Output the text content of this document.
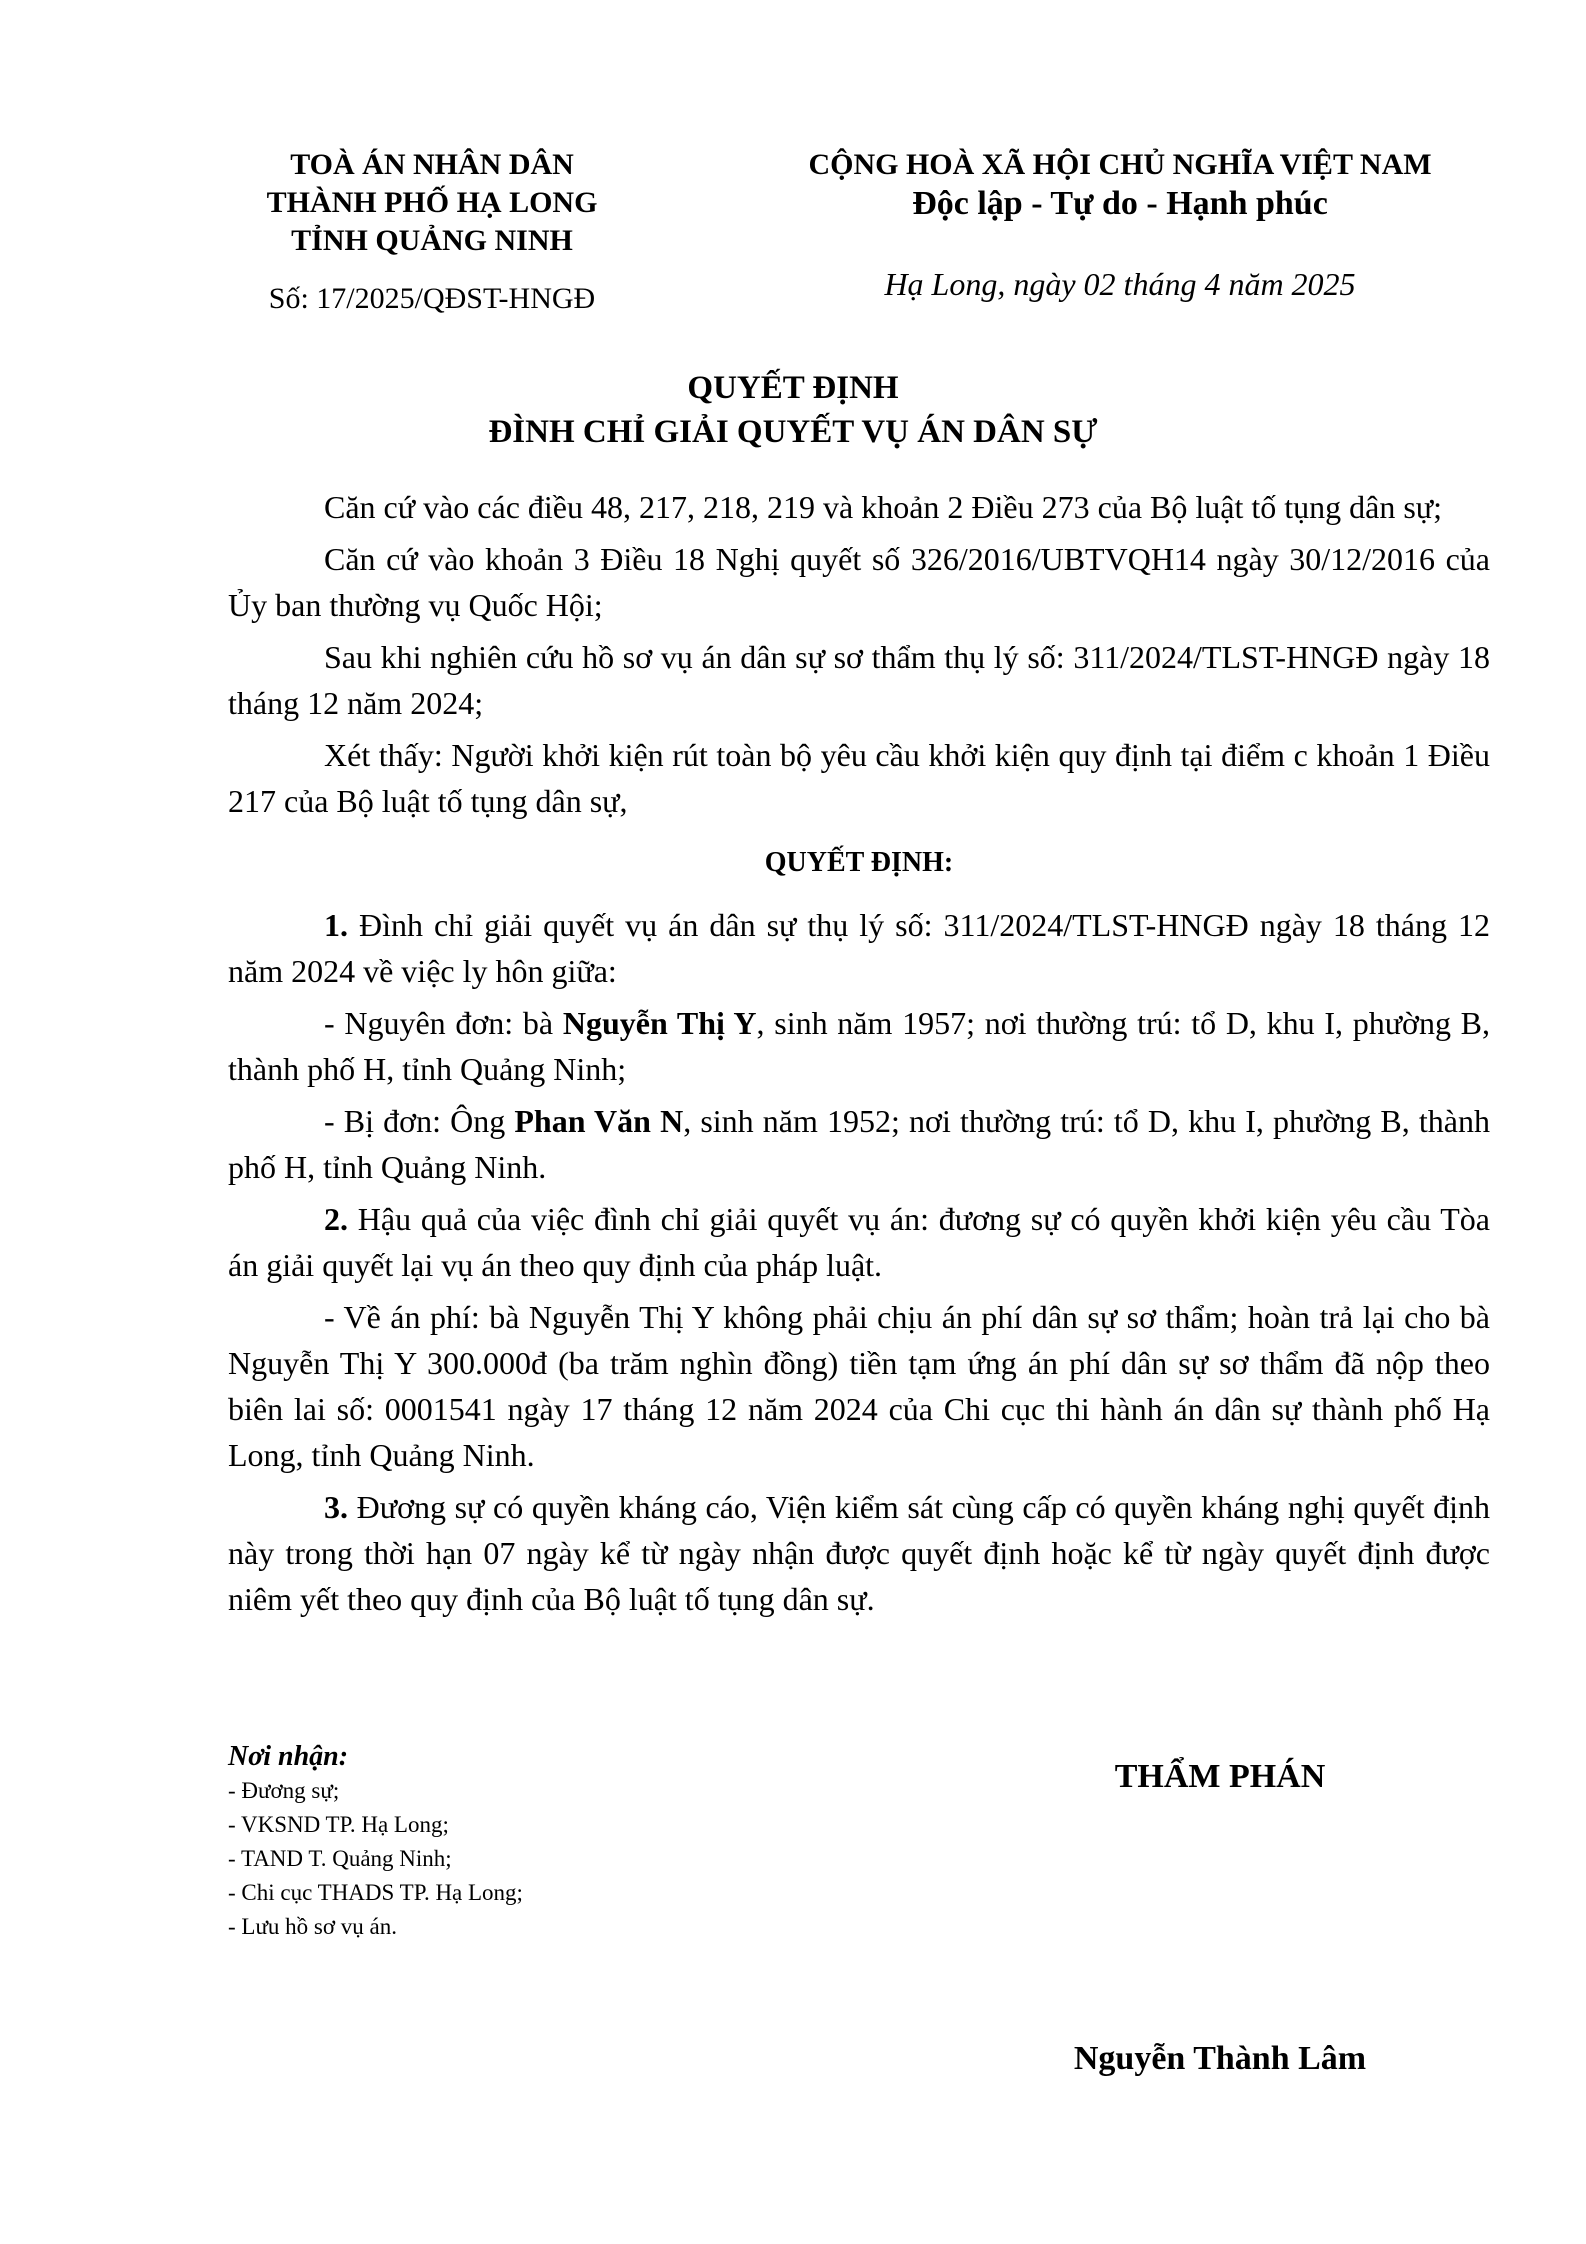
TOÀ ÁN NHÂN DÂN
THÀNH PHỐ HẠ LONG
TỈNH QUẢNG NINH
Số: 17/2025/QĐST-HNGĐ
CỘNG HOÀ XÃ HỘI CHỦ NGHĨA VIỆT NAM
Độc lập - Tự do - Hạnh phúc
Hạ Long, ngày 02 tháng 4 năm 2025
QUYẾT ĐỊNH
ĐÌNH CHỈ GIẢI QUYẾT VỤ ÁN DÂN SỰ

Căn cứ vào các điều 48, 217, 218, 219 và khoản 2 Điều 273 của Bộ luật tố tụng dân sự;

Căn cứ vào khoản 3 Điều 18 Nghị quyết số 326/2016/UBTVQH14 ngày 30/12/2016 của Ủy ban thường vụ Quốc Hội;

Sau khi nghiên cứu hồ sơ vụ án dân sự sơ thẩm thụ lý số: 311/2024/TLST-HNGĐ ngày 18 tháng 12 năm 2024;

Xét thấy: Người khởi kiện rút toàn bộ yêu cầu khởi kiện quy định tại điểm c khoản 1 Điều 217 của Bộ luật tố tụng dân sự,

QUYẾT ĐỊNH:

1. Đình chỉ giải quyết vụ án dân sự thụ lý số: 311/2024/TLST-HNGĐ ngày 18 tháng 12 năm 2024 về việc ly hôn giữa:

- Nguyên đơn: bà Nguyễn Thị Y, sinh năm 1957; nơi thường trú: tổ D, khu I, phường B, thành phố H, tỉnh Quảng Ninh;

- Bị đơn: Ông Phan Văn N, sinh năm 1952; nơi thường trú: tổ D, khu I, phường B, thành phố H, tỉnh Quảng Ninh.

2. Hậu quả của việc đình chỉ giải quyết vụ án: đương sự có quyền khởi kiện yêu cầu Tòa án giải quyết lại vụ án theo quy định của pháp luật.

- Về án phí: bà Nguyễn Thị Y không phải chịu án phí dân sự sơ thẩm; hoàn trả lại cho bà Nguyễn Thị Y 300.000đ (ba trăm nghìn đồng) tiền tạm ứng án phí dân sự sơ thẩm đã nộp theo biên lai số: 0001541 ngày 17 tháng 12 năm 2024 của Chi cục thi hành án dân sự thành phố Hạ Long, tỉnh Quảng Ninh.

3. Đương sự có quyền kháng cáo, Viện kiểm sát cùng cấp có quyền kháng nghị quyết định này trong thời hạn 07 ngày kể từ ngày nhận được quyết định hoặc kể từ ngày quyết định được niêm yết theo quy định của Bộ luật tố tụng dân sự.

Nơi nhận:
- Đương sự;
- VKSND TP. Hạ Long;
- TAND T. Quảng Ninh;
- Chi cục THADS TP. Hạ Long;
- Lưu hồ sơ vụ án.
THẨM PHÁN
Nguyễn Thành Lâm
